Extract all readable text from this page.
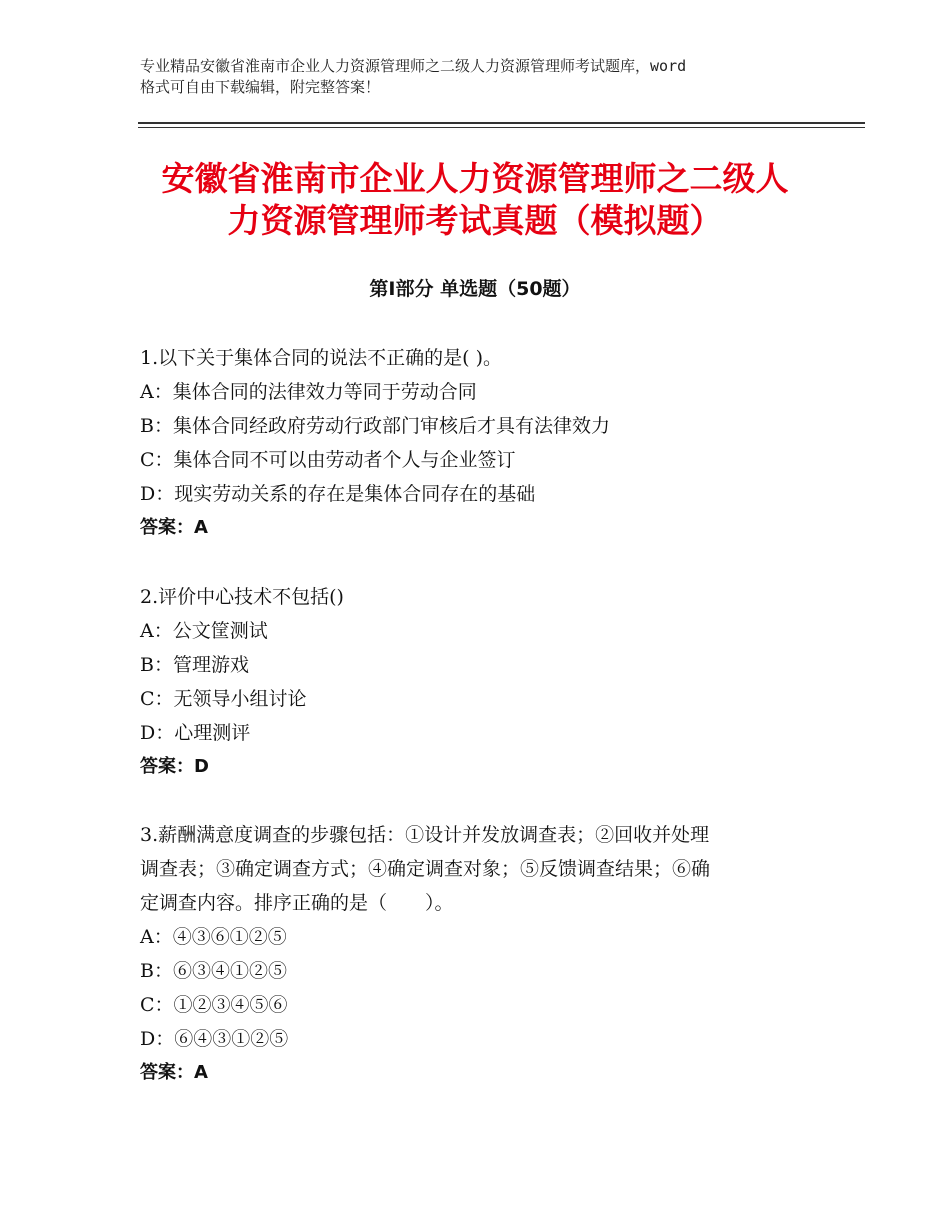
专业精品安徽省淮南市企业人力资源管理师之二级人力资源管理师考试题库，word
格式可自由下载编辑，附完整答案！
安徽省淮南市企业人力资源管理师之二级人
力资源管理师考试真题（模拟题）
第Ⅰ部分 单选题（50题）
1.以下关于集体合同的说法不正确的是( )。
A：集体合同的法律效力等同于劳动合同
B：集体合同经政府劳动行政部门审核后才具有法律效力
C：集体合同不可以由劳动者个人与企业签订
D：现实劳动关系的存在是集体合同存在的基础
答案：A
2.评价中心技术不包括()
A：公文筐测试
B：管理游戏
C：无领导小组讨论
D：心理测评
答案：D
3.薪酬满意度调查的步骤包括：①设计并发放调查表；②回收并处理
调查表；③确定调查方式；④确定调查对象；⑤反馈调查结果；⑥确
定调查内容。排序正确的是（　　）。
A：④③⑥①②⑤
B：⑥③④①②⑤
C：①②③④⑤⑥
D：⑥④③①②⑤
答案：A
